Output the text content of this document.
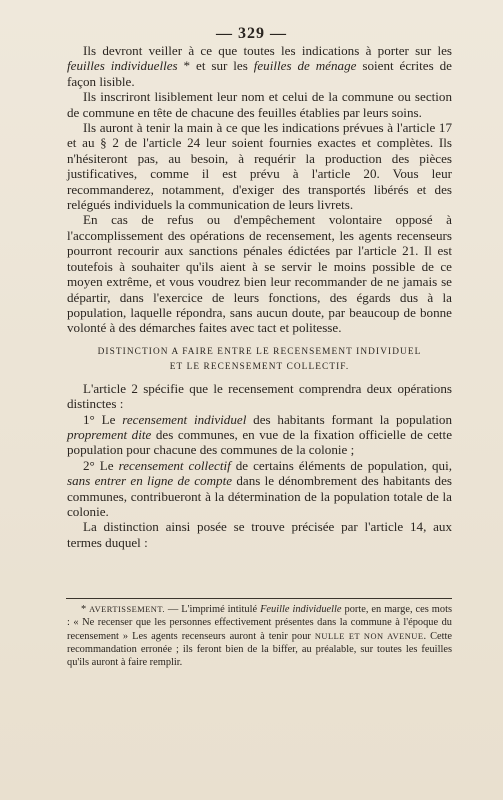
— 329 —

Ils devront veiller à ce que toutes les indications à porter sur les feuilles individuelles * et sur les feuilles de ménage soient écrites de façon lisible.

Ils inscriront lisiblement leur nom et celui de la commune ou section de commune en tête de chacune des feuilles établies par leurs soins.

Ils auront à tenir la main à ce que les indications prévues à l'article 17 et au § 2 de l'article 24 leur soient fournies exactes et complètes. Ils n'hésiteront pas, au besoin, à requérir la production des pièces justificatives, comme il est prévu à l'article 20. Vous leur recommanderez, notamment, d'exiger des transportés libérés et des relégués individuels la communication de leurs livrets.

En cas de refus ou d'empêchement volontaire opposé à l'accomplissement des opérations de recensement, les agents recenseurs pourront recourir aux sanctions pénales édictées par l'article 21. Il est toutefois à souhaiter qu'ils aient à se servir le moins possible de ce moyen extrême, et vous voudrez bien leur recommander de ne jamais se départir, dans l'exercice de leurs fonctions, des égards dus à la population, laquelle répondra, sans aucun doute, par beaucoup de bonne volonté à des démarches faites avec tact et politesse.

DISTINCTION A FAIRE ENTRE LE RECENSEMENT INDIVIDUEL
ET LE RECENSEMENT COLLECTIF.

L'article 2 spécifie que le recensement comprendra deux opérations distinctes :

1° Le recensement individuel des habitants formant la population proprement dite des communes, en vue de la fixation officielle de cette population pour chacune des communes de la colonie ;

2° Le recensement collectif de certains éléments de population, qui, sans entrer en ligne de compte dans le dénombrement des habitants des communes, contribueront à la détermination de la population totale de la colonie.

La distinction ainsi posée se trouve précisée par l'article 14, aux termes duquel :

* AVERTISSEMENT. — L'imprimé intitulé Feuille individuelle porte, en marge, ces mots : « Ne recenser que les personnes effectivement présentes dans la commune à l'époque du recensement » Les agents recenseurs auront à tenir pour NULLE ET NON AVENUE. Cette recommandation erronée ; ils feront bien de la biffer, au préalable, sur toutes les feuilles qu'ils auront à faire remplir.
